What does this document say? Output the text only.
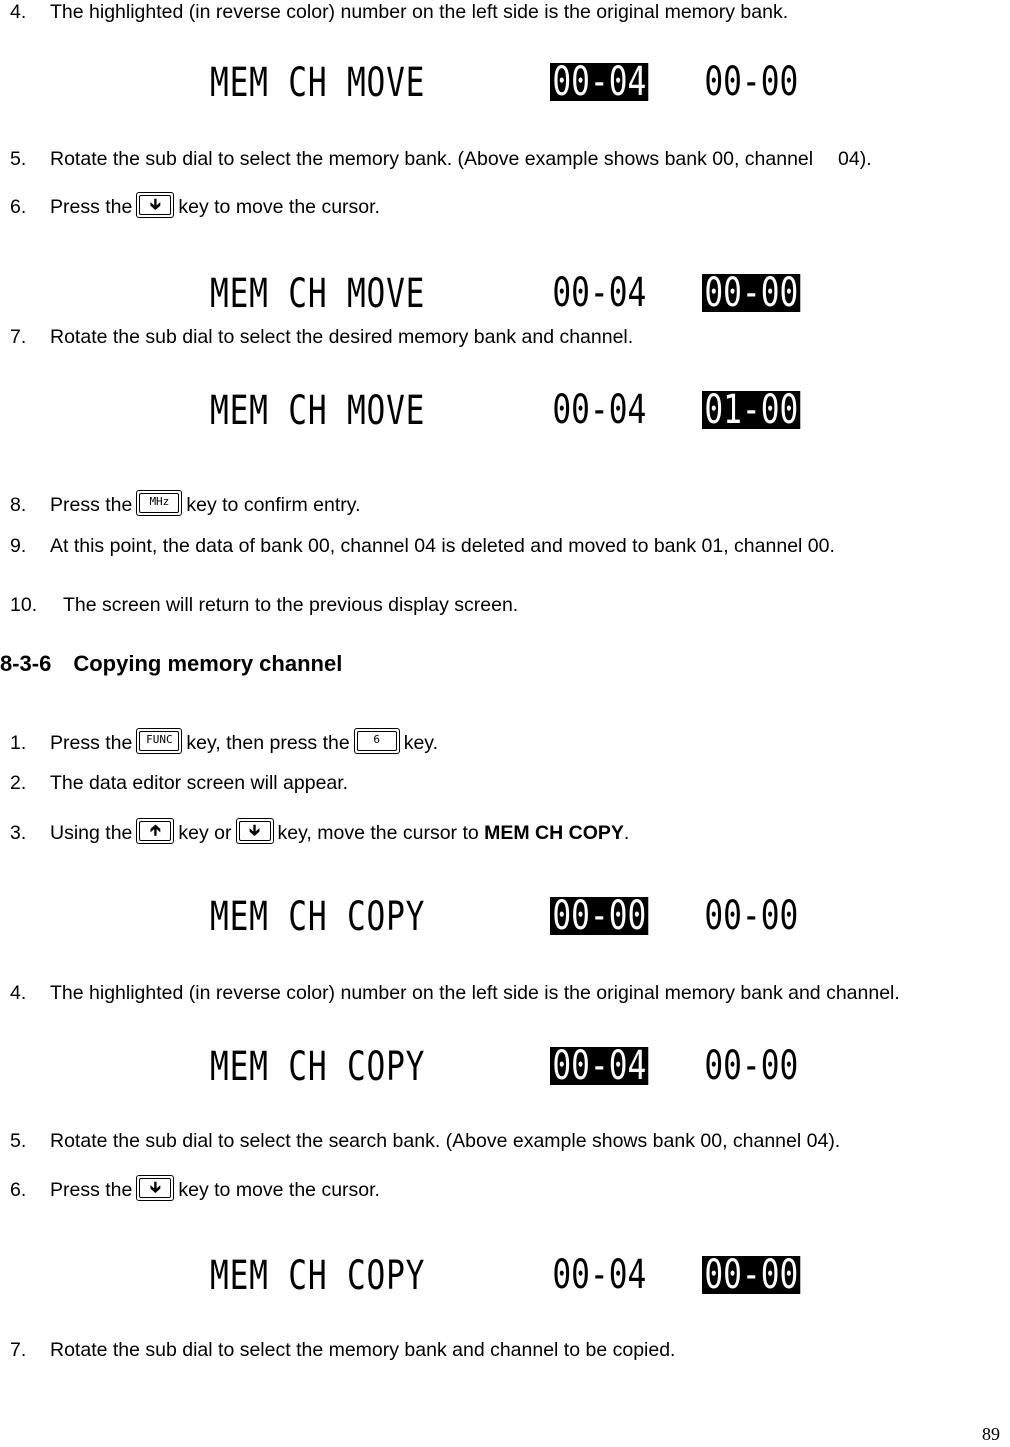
4. The highlighted (in reverse color) number on the left side is the original memory bank.
MEM CH MOVE	00-04 00-00
5. Rotate the sub dial to select the memory bank. (Above example shows bank 00, channel　 04).
6. Press the 🡳 key to move the cursor.
MEM CH MOVE	00-04 00-00
7. Rotate the sub dial to select the desired memory bank and channel.
MEM CH MOVE	00-04 01-00
8. Press the MHz key to confirm entry.
9. At this point, the data of bank 00, channel 04 is deleted and moved to bank 01, channel 00.
10. The screen will return to the previous display screen.
8-3-6 Copying memory channel
1. Press the FUNC key, then press the 6 key.
2. The data editor screen will appear.
3. Using the 🡱 key or 🡳 key, move the cursor to MEM CH COPY.
MEM CH COPY	00-00 00-00
4. The highlighted (in reverse color) number on the left side is the original memory bank and channel.
MEM CH COPY	00-04 00-00
5. Rotate the sub dial to select the search bank. (Above example shows bank 00, channel 04).
6. Press the 🡳 key to move the cursor.
MEM CH COPY	00-04 00-00
7. Rotate the sub dial to select the memory bank and channel to be copied.
89
